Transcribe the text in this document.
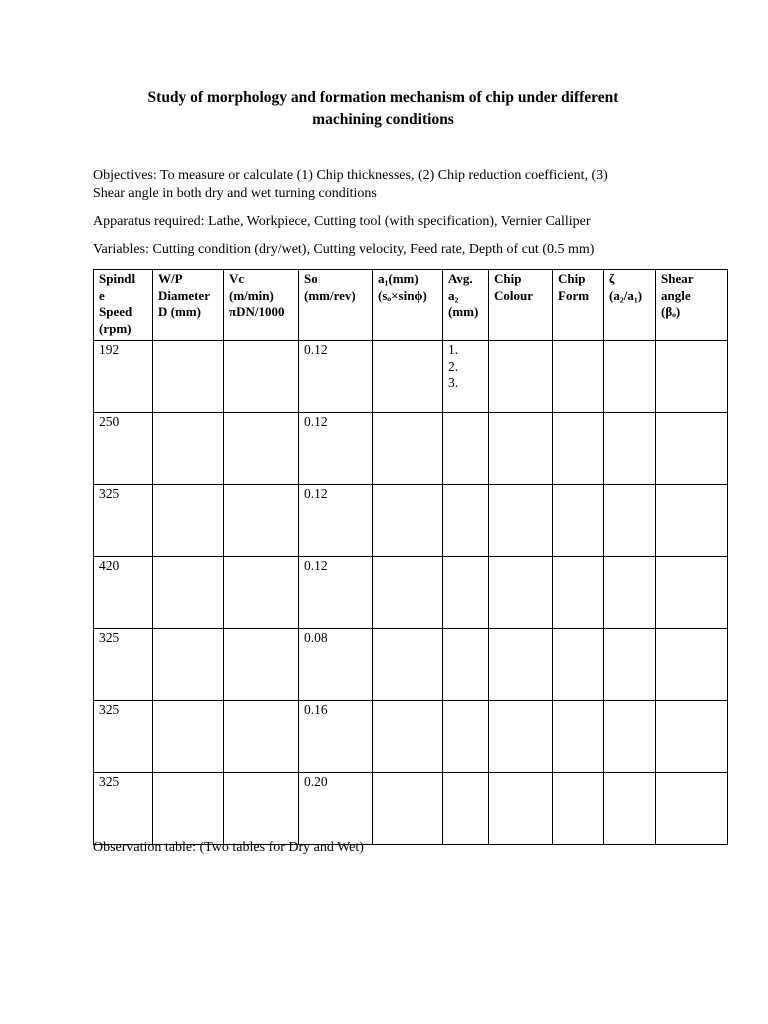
Study of morphology and formation mechanism of chip under different
machining conditions
Objectives: To measure or calculate (1) Chip thicknesses, (2) Chip reduction coefficient, (3)
Shear angle in both dry and wet turning conditions
Apparatus required: Lathe, Workpiece, Cutting tool (with specification), Vernier Calliper
Variables: Cutting condition (dry/wet), Cutting velocity, Feed rate, Depth of cut (0.5 mm)
Spindl
e
Speed
(rpm)	W/P
Diameter
D (mm)	Vc
(m/min)
πDN/1000	So
(mm/rev)	a₁(mm)
(sₒ×sinϕ)	Avg.
a₂
(mm)	Chip
Colour	Chip
Form	ζ
(a₂/a₁)	Shear
angle
(βₒ)

192			0.12		1.
2.
3.				

250			0.12						
325			0.12						
420			0.12						
325			0.08						
325			0.16						
325			0.20						
Observation table: (Two tables for Dry and Wet)
